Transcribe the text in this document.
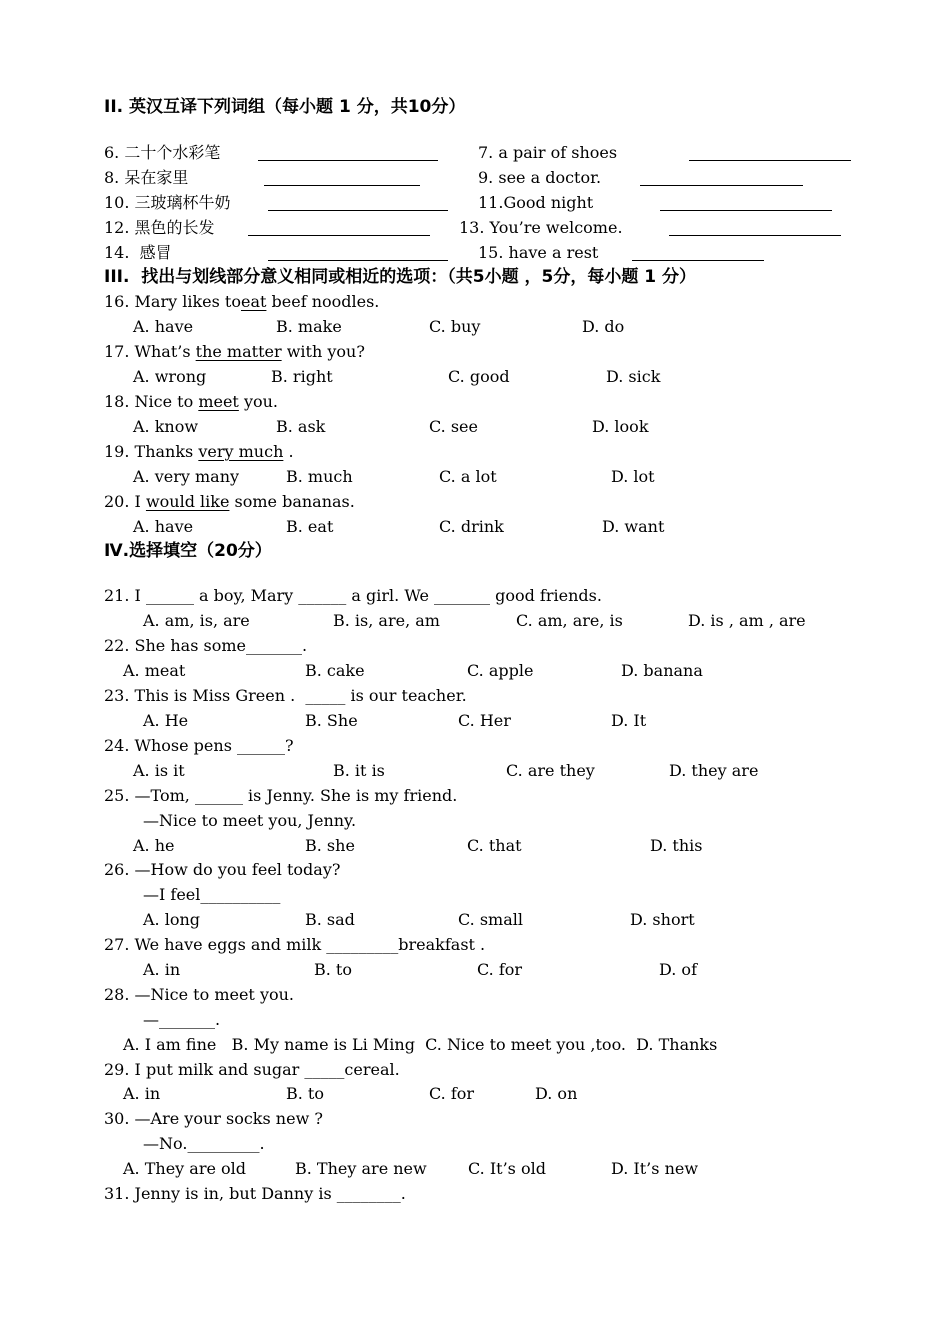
II. 英汉互译下列词组（每小题 1 分，共10分）
6. 二十个水彩笔	7. a pair of shoes
8. 呆在家里	9. see a doctor.
10. 三玻璃杯牛奶	11.Good night
12. 黑色的长发	13. You’re welcome.
14.  感冒	15. have a rest
III.  找出与划线部分意义相同或相近的选项：（共5小题 ，5分，每小题 1 分）
16. Mary likes toeat beef noodles.
A. have	B. make	C. buy	D. do
17. What’s the matter with you?
A. wrong	B. right	C. good	D. sick
18. Nice to meet you.
A. know	B. ask	C. see	D. look
19. Thanks very much .
A. very many	B. much	C. a lot	D. lot
20. I would like some bananas.
A. have	B. eat	C. drink	D. want
Ⅳ.选择填空（20分）
21. I ______ a boy, Mary ______ a girl. We _______ good friends.
A. am, is, are	B. is, are, am	C. am, are, is	D. is , am , are
22. She has some_______.
A. meat	B. cake	C. apple	D. banana
23. This is Miss Green .  _____ is our teacher.
A. He	B. She	C. Her	D. It
24. Whose pens ______?
A. is it	B. it is	C. are they	D. they are
25. —Tom, ______ is Jenny. She is my friend.
—Nice to meet you, Jenny.
A. he	B. she	C. that	D. this
26. —How do you feel today?
—I feel__________
A. long	B. sad	C. small	D. short
27. We have eggs and milk _________breakfast .
A. in	B. to	C. for	D. of
28. —Nice to meet you.
—_______.
A. I am fine   B. My name is Li Ming  C. Nice to meet you ,too.  D. Thanks
29. I put milk and sugar _____cereal.
A. in	B. to	C. for	D. on
30. —Are your socks new ?
—No._________.
A. They are old	B. They are new	C. It’s old	D. It’s new
31. Jenny is in, but Danny is ________.
